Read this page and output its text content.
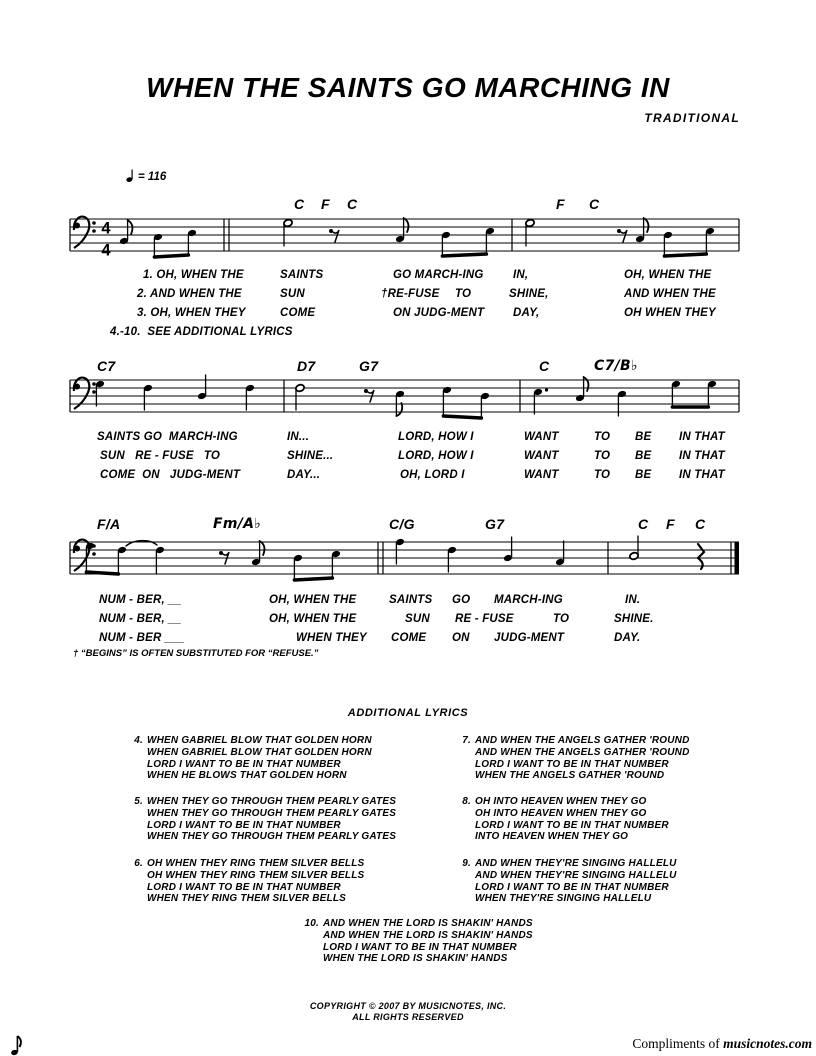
WHEN THE SAINTS GO MARCHING IN
TRADITIONAL
= 116
C F C	F C
C7	D7	G7	C	C7/B♭
F/A	Fm/A♭	C/G	G7	C F C
4
4
1. OH, WHEN THE	SAINTS	GO MARCH-ING	IN,	OH, WHEN THE
2. AND WHEN THE	SUN	†RE-FUSE TO	SHINE,	AND WHEN THE
3. OH, WHEN THEY	COME	ON JUDG-MENT	DAY,	OH WHEN THEY
4.-10.  SEE ADDITIONAL LYRICS
SAINTS GO  MARCH-ING	IN...	LORD, HOW I	WANT	TO BE IN THAT
SUN   RE - FUSE   TO	SHINE...	LORD, HOW I	WANT	TO BE IN THAT
COME  ON   JUDG-MENT	DAY...	OH, LORD I	WANT	TO BE IN THAT
NUM - BER, __	OH, WHEN THE	SAINTS GO MARCH-ING	IN.
NUM - BER, __	OH, WHEN THE	SUN RE - FUSE	TO	SHINE.
NUM - BER ___	WHEN THEY COME ON JUDG-MENT	DAY.
† “BEGINS” IS OFTEN SUBSTITUTED FOR “REFUSE.”
ADDITIONAL LYRICS
4. WHEN GABRIEL BLOW THAT GOLDEN HORN
WHEN GABRIEL BLOW THAT GOLDEN HORN
LORD I WANT TO BE IN THAT NUMBER
WHEN HE BLOWS THAT GOLDEN HORN
5. WHEN THEY GO THROUGH THEM PEARLY GATES
WHEN THEY GO THROUGH THEM PEARLY GATES
LORD I WANT TO BE IN THAT NUMBER
WHEN THEY GO THROUGH THEM PEARLY GATES
6. OH WHEN THEY RING THEM SILVER BELLS
OH WHEN THEY RING THEM SILVER BELLS
LORD I WANT TO BE IN THAT NUMBER
WHEN THEY RING THEM SILVER BELLS
7. AND WHEN THE ANGELS GATHER 'ROUND
AND WHEN THE ANGELS GATHER 'ROUND
LORD I WANT TO BE IN THAT NUMBER
WHEN THE ANGELS GATHER 'ROUND
8. OH INTO HEAVEN WHEN THEY GO
OH INTO HEAVEN WHEN THEY GO
LORD I WANT TO BE IN THAT NUMBER
INTO HEAVEN WHEN THEY GO
9. AND WHEN THEY'RE SINGING HALLELU
AND WHEN THEY'RE SINGING HALLELU
LORD I WANT TO BE IN THAT NUMBER
WHEN THEY'RE SINGING HALLELU
10. AND WHEN THE LORD IS SHAKIN' HANDS
AND WHEN THE LORD IS SHAKIN' HANDS
LORD I WANT TO BE IN THAT NUMBER
WHEN THE LORD IS SHAKIN' HANDS
COPYRIGHT © 2007 BY MUSICNOTES, INC.
ALL RIGHTS RESERVED
Compliments of musicnotes.com
